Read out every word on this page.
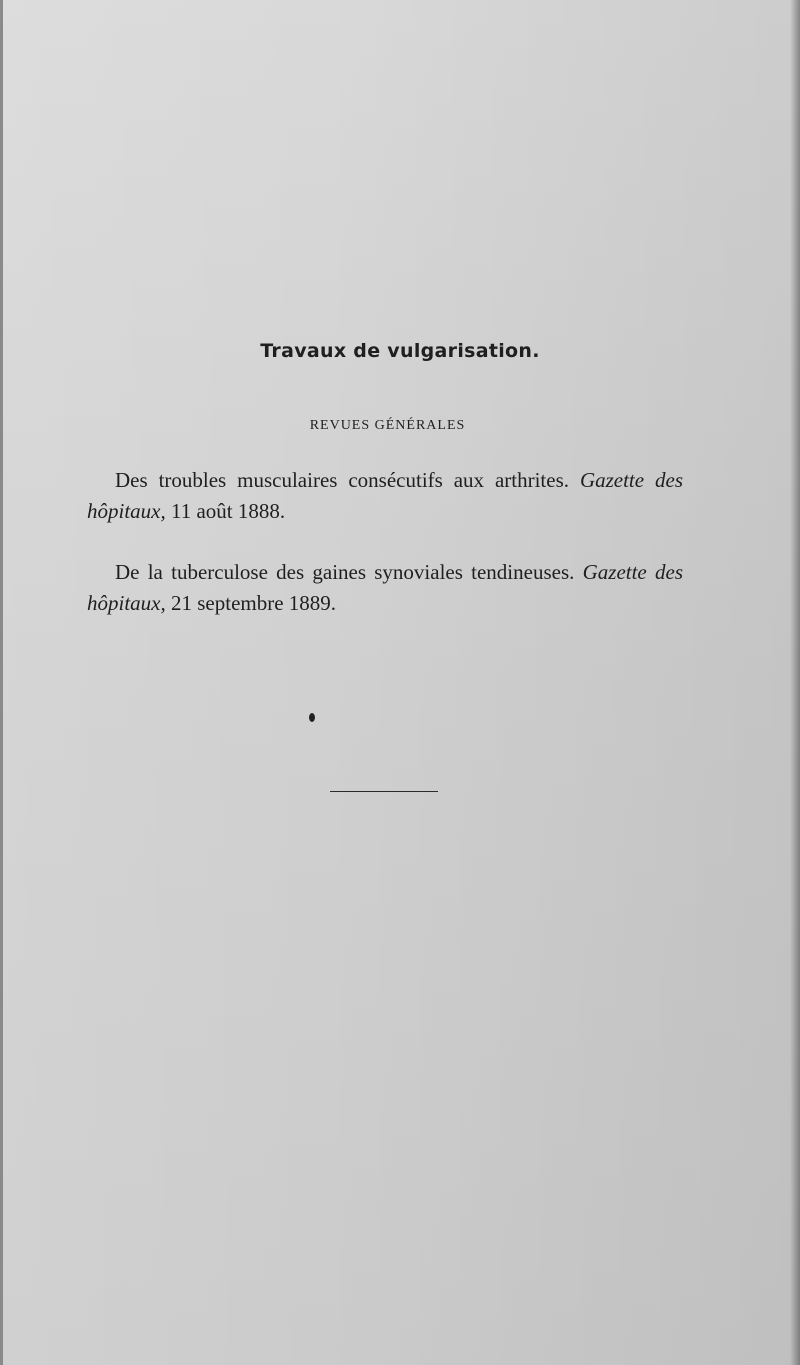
Travaux de vulgarisation.
REVUES GÉNÉRALES

Des troubles musculaires consécutifs aux arthrites. Gazette des hôpitaux, 11 août 1888.

De la tuberculose des gaines synoviales tendineuses. Gazette des hôpitaux, 21 septembre 1889.
